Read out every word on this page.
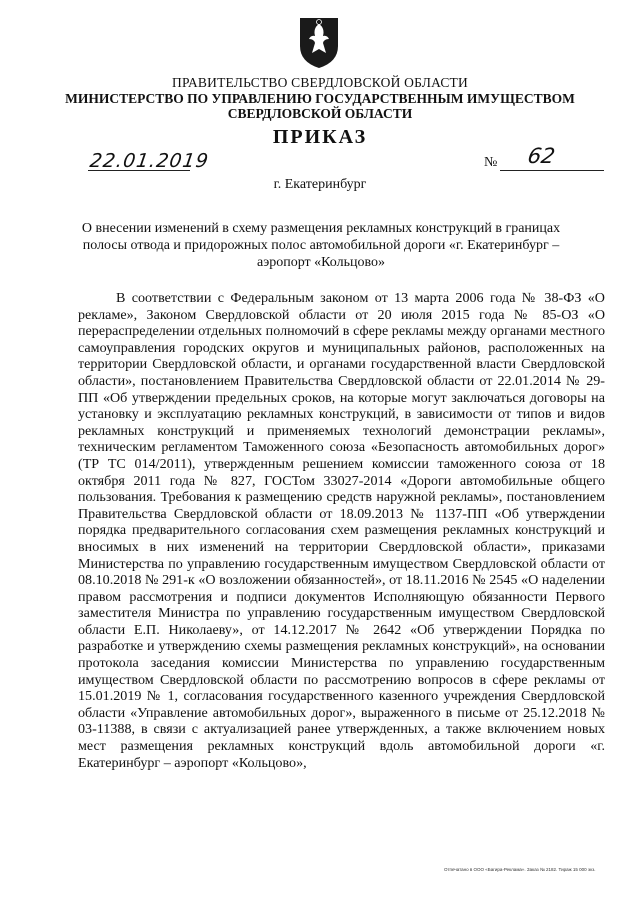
ПРАВИТЕЛЬСТВО СВЕРДЛОВСКОЙ ОБЛАСТИ
МИНИСТЕРСТВО ПО УПРАВЛЕНИЮ ГОСУДАРСТВЕННЫМ ИМУЩЕСТВОМ
СВЕРДЛОВСКОЙ ОБЛАСТИ
ПРИКАЗ
22.01.2019	№ 62
г. Екатеринбург
О внесении изменений в схему размещения рекламных конструкций в границах
полосы отвода и придорожных полос автомобильной дороги «г. Екатеринбург –
аэропорт «Кольцово»
В соответствии с Федеральным законом от 13 марта 2006 года № 38-ФЗ «О рекламе», Законом Свердловской области от 20 июля 2015 года № 85-ОЗ «О перераспределении отдельных полномочий в сфере рекламы между органами местного самоуправления городских округов и муниципальных районов, расположенных на территории Свердловской области, и органами государственной власти Свердловской области», постановлением Правительства Свердловской области от 22.01.2014 № 29-ПП «Об утверждении предельных сроков, на которые могут заключаться договоры на установку и эксплуатацию рекламных конструкций, в зависимости от типов и видов рекламных конструкций и применяемых технологий демонстрации рекламы», техническим регламентом Таможенного союза «Безопасность автомобильных дорог» (ТР ТС 014/2011), утвержденным решением комиссии таможенного союза от 18 октября 2011 года № 827, ГОСТом 33027-2014 «Дороги автомобильные общего пользования. Требования к размещению средств наружной рекламы», постановлением Правительства Свердловской области от 18.09.2013 № 1137-ПП «Об утверждении порядка предварительного согласования схем размещения рекламных конструкций и вносимых в них изменений на территории Свердловской области», приказами Министерства по управлению государственным имуществом Свердловской области от 08.10.2018 № 291-к «О возложении обязанностей», от 18.11.2016 № 2545 «О наделении правом рассмотрения и подписи документов Исполняющую обязанности Первого заместителя Министра по управлению государственным имуществом Свердловской области Е.П. Николаеву», от 14.12.2017 № 2642 «Об утверждении Порядка по разработке и утверждению схемы размещения рекламных конструкций», на основании протокола заседания комиссии Министерства по управлению государственным имуществом Свердловской области по рассмотрению вопросов в сфере рекламы от 15.01.2019 № 1, согласования государственного казенного учреждения Свердловской области «Управление автомобильных дорог», выраженного в письме от 25.12.2018 № 03-11388, в связи с актуализацией ранее утвержденных, а также включением новых мест размещения рекламных конструкций вдоль автомобильной дороги «г. Екатеринбург – аэропорт «Кольцово»,
Отпечатано в ООО «Багира-Реклама». Заказ № 2182. Тираж 15 000 экз.
